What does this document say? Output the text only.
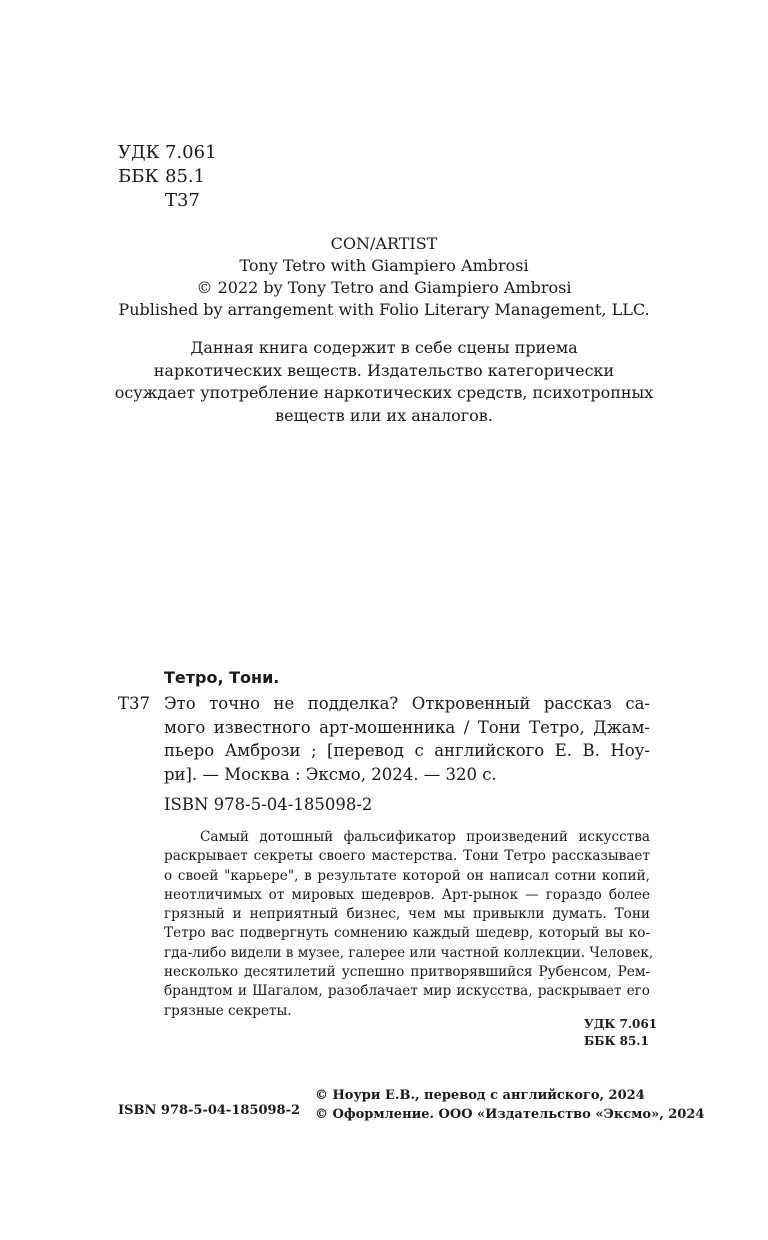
УДК 7.061
ББК 85.1
Т37
CON/ARTIST
Tony Tetro with Giampiero Ambrosi
© 2022 by Tony Tetro and Giampiero Ambrosi
Published by arrangement with Folio Literary Management, LLC.
Данная книга содержит в себе сцены приема
наркотических веществ. Издательство категорически
осуждает употребление наркотических средств, психотропных
веществ или их аналогов.
Тетро, Тони.
Т37 Это точно не подделка? Откровенный рассказ са-
мого известного арт-мошенника / Тони Тетро, Джам-
пьеро Амбрози ; [перевод с английского Е. В. Ноу-
ри]. — Москва : Эксмо, 2024. — 320 с.
ISBN 978-5-04-185098-2
Самый дотошный фальсификатор произведений искусства
раскрывает секреты своего мастерства. Тони Тетро рассказывает
о своей "карьере", в результате которой он написал сотни копий,
неотличимых от мировых шедевров. Арт-рынок — гораздо более
грязный и неприятный бизнес, чем мы привыкли думать. Тони
Тетро вас подвергнуть сомнению каждый шедевр, который вы ко-
гда-либо видели в музее, галерее или частной коллекции. Человек,
несколько десятилетий успешно притворявшийся Рубенсом, Рем-
брандтом и Шагалом, разоблачает мир искусства, раскрывает его
грязные секреты.
УДК 7.061
ББК 85.1
ISBN 978-5-04-185098-2
© Ноури Е.В., перевод с английского, 2024
© Оформление. ООО «Издательство «Эксмо», 2024
